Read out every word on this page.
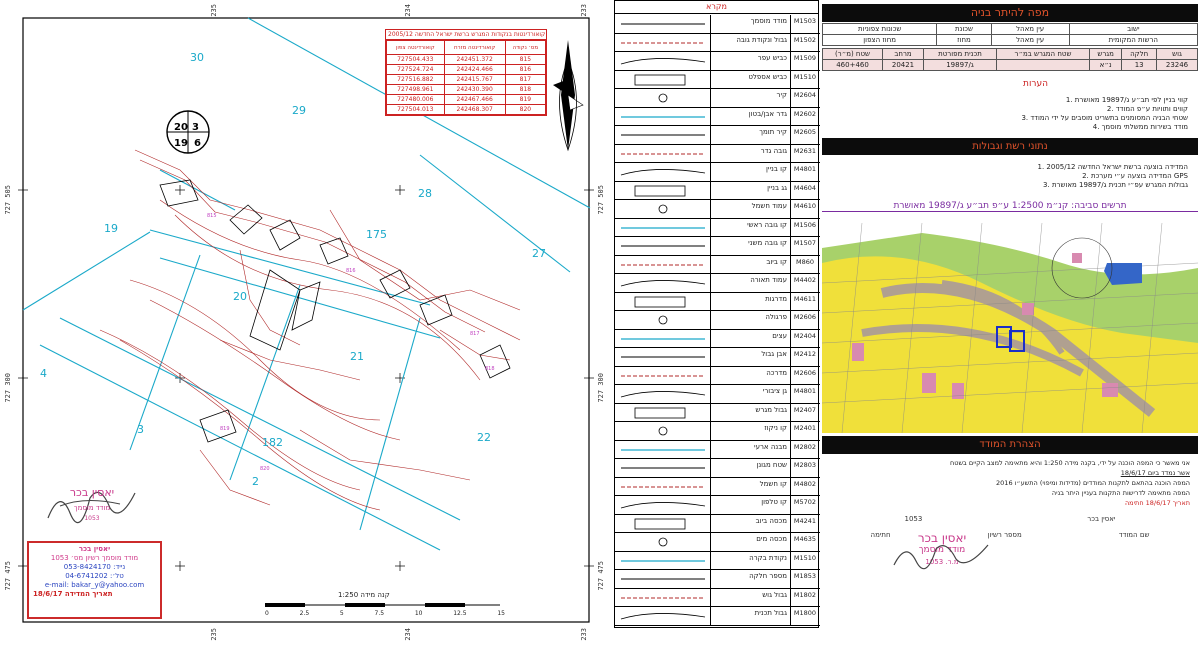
815
816
817
818
819
820
30
29
28
27
19	175
20
21
22
4
3
2
182
20 3
19 6
727 505
727 300
727 475
727 505
727 300
727 475
235	234	233
235	234	233
קואורדינטות בנקודות המגרש ברשת ישראל החדשה 2005/12
קואורדינטה צפון	קואורדינטה מזרח	מס׳ נקודה
727504.433	242451.372	815
727524.724	242424.466	816
727516.882	242415.767	817
727498.961	242430.390	818
727480.006	242467.466	819
727504.013	242468.307	820
יאסין בכר
מודד מוסמך
1053
יאסין בכר
מודד מוסמך רשיון מס׳ 1053
נייד: 053-8424170
טל׳: 04-6741202
e-mail: bakar_y@yahoo.com
18/6/17 תאריך המדידה	קנה מידה 1:250
0	2.5	5	7.5	10	12.5	15
מקרא
מודד מוסמך	M1503
גבול ונקודת גובה	M1502
כביש עפר	M1509
כביש אספלט	M1510
קיר	M2604
גדר אבן/בטון	M2602
קיר תומך	M2605
גובה גדר	M2631
קו בניין	M4801
גג בניין	M4604
עמוד חשמל	M4610
קו גובה ראשי	M1506
קו גובה משני	M1507
קו ביוב	M860
עמוד תאורה	M4402
מדרגות	M4611
פרגולה	M2606
עצים	M2404
אבן גבול	M2412
מדרכה	M2606
גן ציבורי	M4801
גבול מגרש	M2407
קו ניקוז	M2401
מבנה ארעי	M2802
שטח מגונן	M2803
קו חשמל	M4802
קו טלפון	M5702
מכסה ביוב	M4241
מכסה מים	M4635
נקודת בקרה	M1510
מספר חלקה	M1853
גבול גוש	M1802
גבול תכנית	M1800
מפה להיתר בניה
שכונות צפוניות	שכונת	עין מאהל	ישוב
מחוז הצפון	מחוז	עין מאהל	הרשות המקומית
שטח (מ״ר)	מרחב	תכנית מפורטת	שטח המגרש במ״ר	מגרש	חלקה	גוש
460+460	20421	ג/19897		נ״א	13	23246
הערות
1. קווי בניין לפי תב״ע ג/19897 מאושרת
2. קווים ותוויות ע״פ המודד
3. שטחי הבניה המסומנים בתשריט מוסבים על ידי המודד
4. מודד בשירות ממשלתי מוסמך
נתוני רשת וגבולות
1. המדידה בוצעה ברשת ישראל החדשה 2005/12
2. המדידה בוצעה ע״י מערכת GPS
3. גבולות המגרש עפ״י תכנית ג/19897 מאושרת
תרשים סביבה: קנ״מ 1:2500 ע״פ תב״ע ג/19897 מאושרת
הצהרת המודד
אני מאשר כי המפה הוכנה על ידי, בקנה מידה 1:250 והיא מתאימה למצב הקיים בשטח
אשר נמדד ביום 18/6/17
המפה הוכנה בהתאם לתקנות המודדים (מדידות ומיפוי) התשע״ו 2016
המפה מתאימה לדרישות התקנות בעניין היתר בניה
תאריך 18/6/17 חתימה
1053	יאסין בכר
חתימה	מספר רשיון	שם המודד
יאסין בכר
מודד מוסמך
מ.ר. 1053
